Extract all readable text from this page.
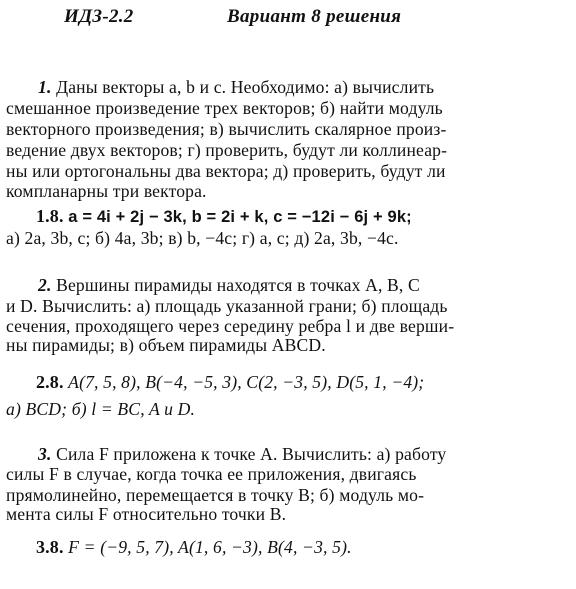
ИДЗ-2.2	Вариант 8 решения
1. Даны векторы a, b и c. Необходимо: а) вычислить
смешанное произведение трех векторов; б) найти модуль
векторного произведения; в) вычислить скалярное произ-
ведение двух векторов; г) проверить, будут ли коллинеар-
ны или ортогональны два вектора; д) проверить, будут ли
компланарны три вектора.
1.8. a = 4i + 2j − 3k, b = 2i + k, c = −12i − 6j + 9k;
а) 2a, 3b, c; б) 4a, 3b; в) b, −4c; г) a, c; д) 2a, 3b, −4c.
2. Вершины пирамиды находятся в точках A, B, C
и D. Вычислить: а) площадь указанной грани; б) площадь
сечения, проходящего через середину ребра l и две верши-
ны пирамиды; в) объем пирамиды ABCD.
2.8. A(7, 5, 8), B(−4, −5, 3), C(2, −3, 5), D(5, 1, −4);
а) BCD; б) l = BC, A и D.
3. Сила F приложена к точке A. Вычислить: а) работу
силы F в случае, когда точка ее приложения, двигаясь
прямолинейно, перемещается в точку B; б) модуль мо-
мента силы F относительно точки B.
3.8. F = (−9, 5, 7), A(1, 6, −3), B(4, −3, 5).
